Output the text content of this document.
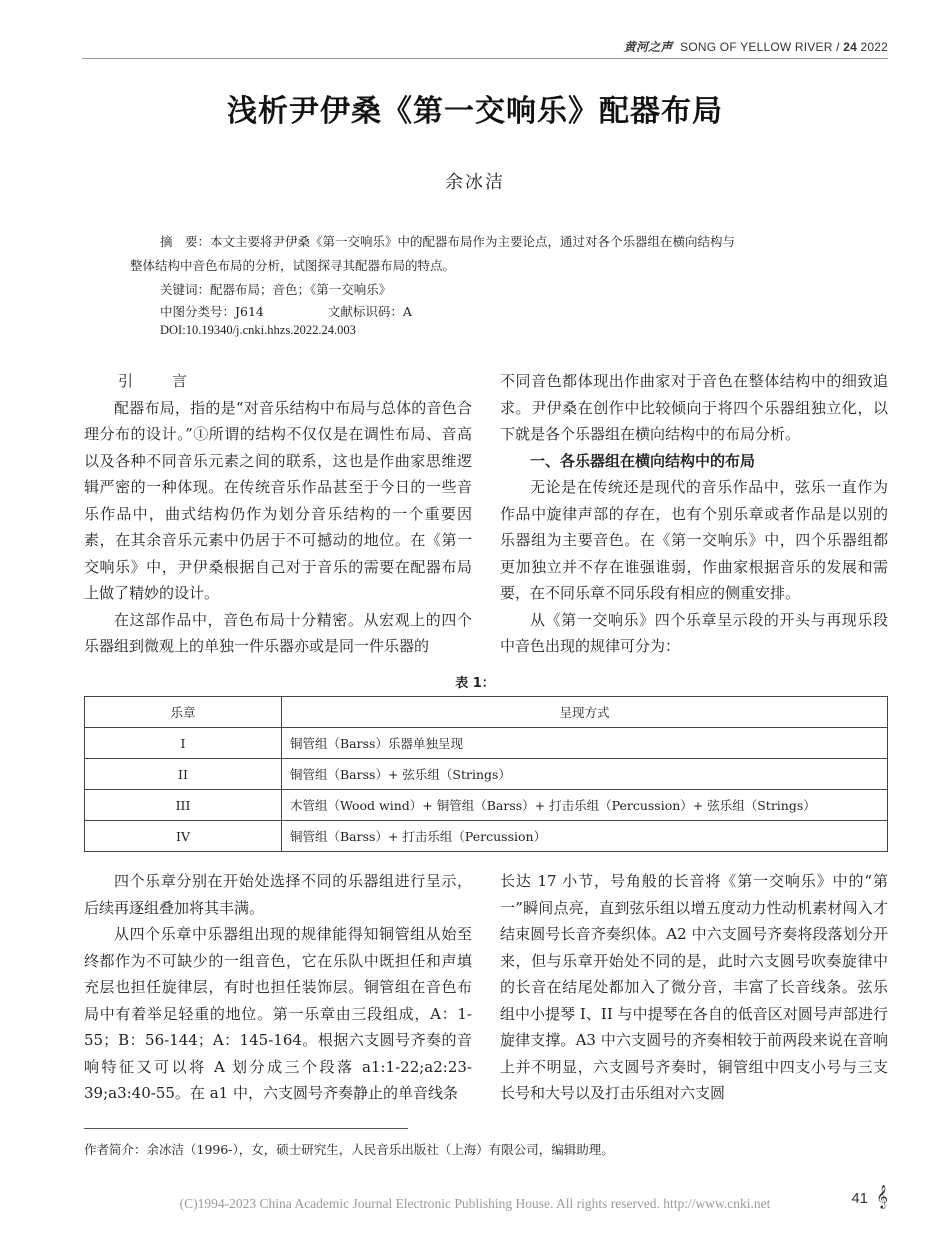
黄河之声 SONG OF YELLOW RIVER / 24 2022
浅析尹伊桑《第一交响乐》配器布局
余冰洁
摘　要：本文主要将尹伊桑《第一交响乐》中的配器布局作为主要论点，通过对各个乐器组在横向结构与
整体结构中音色布局的分析，试图探寻其配器布局的特点。
关键词：配器布局；音色；《第一交响乐》
中图分类号：J614	文献标识码：A
DOI:10.19340/j.cnki.hhzs.2022.24.003
引　言

配器布局，指的是“对音乐结构中布局与总体的音色合理分布的设计。”①所谓的结构不仅仅是在调性布局、音高以及各种不同音乐元素之间的联系，这也是作曲家思维逻辑严密的一种体现。在传统音乐作品甚至于今日的一些音乐作品中，曲式结构仍作为划分音乐结构的一个重要因素，在其余音乐元素中仍居于不可撼动的地位。在《第一交响乐》中，尹伊桑根据自己对于音乐的需要在配器布局上做了精妙的设计。

在这部作品中，音色布局十分精密。从宏观上的四个乐器组到微观上的单独一件乐器亦或是同一件乐器的

不同音色都体现出作曲家对于音色在整体结构中的细致追求。尹伊桑在创作中比较倾向于将四个乐器组独立化，以下就是各个乐器组在横向结构中的布局分析。

一、各乐器组在横向结构中的布局

无论是在传统还是现代的音乐作品中，弦乐一直作为作品中旋律声部的存在，也有个别乐章或者作品是以别的乐器组为主要音色。在《第一交响乐》中，四个乐器组都更加独立并不存在谁强谁弱，作曲家根据音乐的发展和需要，在不同乐章不同乐段有相应的侧重安排。

从《第一交响乐》四个乐章呈示段的开头与再现乐段中音色出现的规律可分为：

表 1：
乐章	呈现方式
I	铜管组（Barss）乐器单独呈现
II	铜管组（Barss）+ 弦乐组（Strings）
III	木管组（Wood wind）+ 铜管组（Barss）+ 打击乐组（Percussion）+ 弦乐组（Strings）
IV	铜管组（Barss）+ 打击乐组（Percussion）

四个乐章分别在开始处选择不同的乐器组进行呈示，后续再逐组叠加将其丰满。

从四个乐章中乐器组出现的规律能得知铜管组从始至终都作为不可缺少的一组音色，它在乐队中既担任和声填充层也担任旋律层，有时也担任装饰层。铜管组在音色布局中有着举足轻重的地位。第一乐章由三段组成，A：1-55；B：56-144；A：145-164。根据六支圆号齐奏的音响特征又可以将 A 划分成三个段落 a1:1-22;a2:23-39;a3:40-55。在 a1 中，六支圆号齐奏静止的单音线条

长达 17 小节，号角般的长音将《第一交响乐》中的“第一”瞬间点亮，直到弦乐组以增五度动力性动机素材闯入才结束圆号长音齐奏织体。A2 中六支圆号齐奏将段落划分开来，但与乐章开始处不同的是，此时六支圆号吹奏旋律中的长音在结尾处都加入了微分音，丰富了长音线条。弦乐组中小提琴 I、II 与中提琴在各自的低音区对圆号声部进行旋律支撑。A3 中六支圆号的齐奏相较于前两段来说在音响上并不明显，六支圆号齐奏时，铜管组中四支小号与三支长号和大号以及打击乐组对六支圆

作者简介：余冰洁（1996-），女，硕士研究生，人民音乐出版社（上海）有限公司，编辑助理。
(C)1994-2023 China Academic Journal Electronic Publishing House. All rights reserved. http://www.cnki.net	41 𝄞
